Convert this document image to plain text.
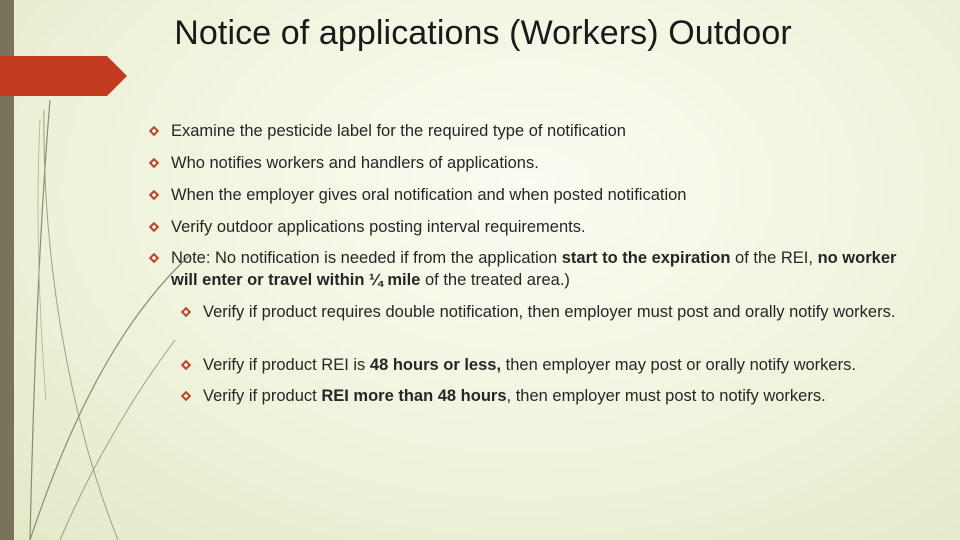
Notice of applications (Workers) Outdoor
Examine the pesticide label for the required type of notification
Who notifies workers and handlers of applications.
When the employer gives oral notification and when posted notification
Verify outdoor applications posting interval requirements.
Note: No notification is needed if from the application start to the expiration of the REI, no worker will enter or travel within ¼ mile of the treated area.)
Verify if product requires double notification, then employer must post and orally notify workers.
Verify if product REI is 48 hours or less, then employer may post or orally notify workers.
Verify if product REI more than 48 hours, then employer must post to notify workers.
